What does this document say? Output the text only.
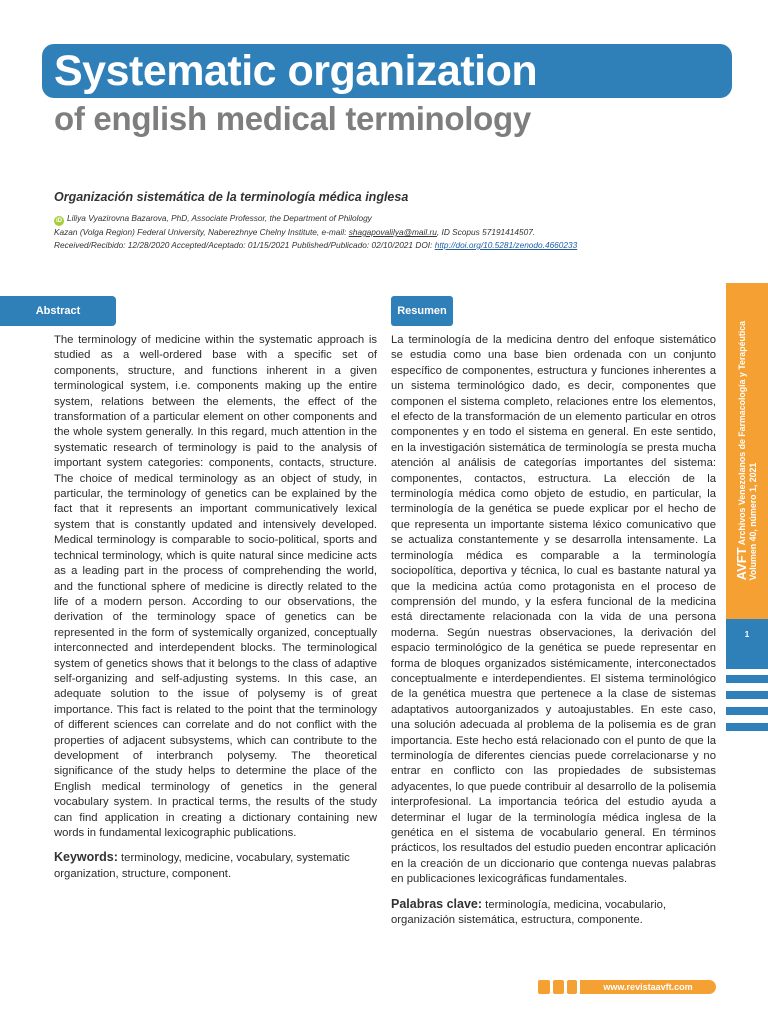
Systematic organization
of english medical terminology
Organización sistemática de la terminología médica inglesa
iD Liliya Vyazirovna Bazarova, PhD, Associate Professor, the Department of Philology
Kazan (Volga Region) Federal University, Naberezhnye Chelny Institute, e-mail: shagapovalilya@mail.ru, ID Scopus 57191414507.
Received/Recibido: 12/28/2020 Accepted/Aceptado: 01/15/2021 Published/Publicado: 02/10/2021 DOI: http://doi.org/10.5281/zenodo.4660233
Abstract	Resumen

The terminology of medicine within the systematic approach is studied as a well-ordered base with a specific set of components, structure, and functions inherent in a given terminological system, i.e. components making up the entire system, relations between the elements, the effect of the transformation of a particular element on other components and the whole system generally. In this regard, much attention in the systematic research of terminology is paid to the analysis of important system categories: components, contacts, structure. The choice of medical terminology as an object of study, in particular, the terminology of genetics can be explained by the fact that it represents an important communicatively lexical system that is constantly updated and intensively developed. Medical terminology is comparable to socio-political, sports and technical terminology, which is quite natural since medicine acts as a leading part in the process of comprehending the world, and the functional sphere of medicine is directly related to the life of a modern person. According to our observations, the derivation of the terminology space of genetics can be represented in the form of systemically organized, conceptually interconnected and interdependent blocks. The terminological system of genetics shows that it belongs to the class of adaptive self-organizing and self-adjusting systems. In this case, an adequate solution to the issue of polysemy is of great importance. This fact is related to the point that the terminology of different sciences can correlate and do not conflict with the properties of adjacent subsystems, which can contribute to the development of interbranch polysemy. The theoretical significance of the study helps to determine the place of the English medical terminology of genetics in the general vocabulary system. In practical terms, the results of the study can find application in creating a dictionary containing new words in fundamental lexicographic publications.

Keywords: terminology, medicine, vocabulary, systematic organization, structure, component.

La terminología de la medicina dentro del enfoque sistemático se estudia como una base bien ordenada con un conjunto específico de componentes, estructura y funciones inherentes a un sistema terminológico dado, es decir, componentes que componen el sistema completo, relaciones entre los elementos, el efecto de la transformación de un elemento particular en otros componentes y en todo el sistema en general. En este sentido, en la investigación sistemática de terminología se presta mucha atención al análisis de categorías importantes del sistema: componentes, contactos, estructura. La elección de la terminología médica como objeto de estudio, en particular, la terminología de la genética se puede explicar por el hecho de que representa un importante sistema léxico comunicativo que se actualiza constantemente y se desarrolla intensamente. La terminología médica es comparable a la terminología sociopolítica, deportiva y técnica, lo cual es bastante natural ya que la medicina actúa como protagonista en el proceso de comprensión del mundo, y la esfera funcional de la medicina está directamente relacionada con la vida de una persona moderna. Según nuestras observaciones, la derivación del espacio terminológico de la genética se puede representar en forma de bloques organizados sistémicamente, interconectados conceptualmente e interdependientes. El sistema terminológico de la genética muestra que pertenece a la clase de sistemas adaptativos autoorganizados y autoajustables. En este caso, una solución adecuada al problema de la polisemia es de gran importancia. Este hecho está relacionado con el punto de que la terminología de diferentes ciencias puede correlacionarse y no entrar en conflicto con las propiedades de subsistemas adyacentes, lo que puede contribuir al desarrollo de la polisemia interprofesional. La importancia teórica del estudio ayuda a determinar el lugar de la terminología médica inglesa de la genética en el sistema de vocabulario general. En términos prácticos, los resultados del estudio pueden encontrar aplicación en la creación de un diccionario que contenga nuevas palabras en publicaciones lexicográficas fundamentales.

Palabras clave: terminología, medicina, vocabulario, organización sistemática, estructura, componente.

AVFT Archivos Venezolanos de Farmacología y Terapéutica Volumen 40, número 1, 2021
1
www.revistaavft.com
